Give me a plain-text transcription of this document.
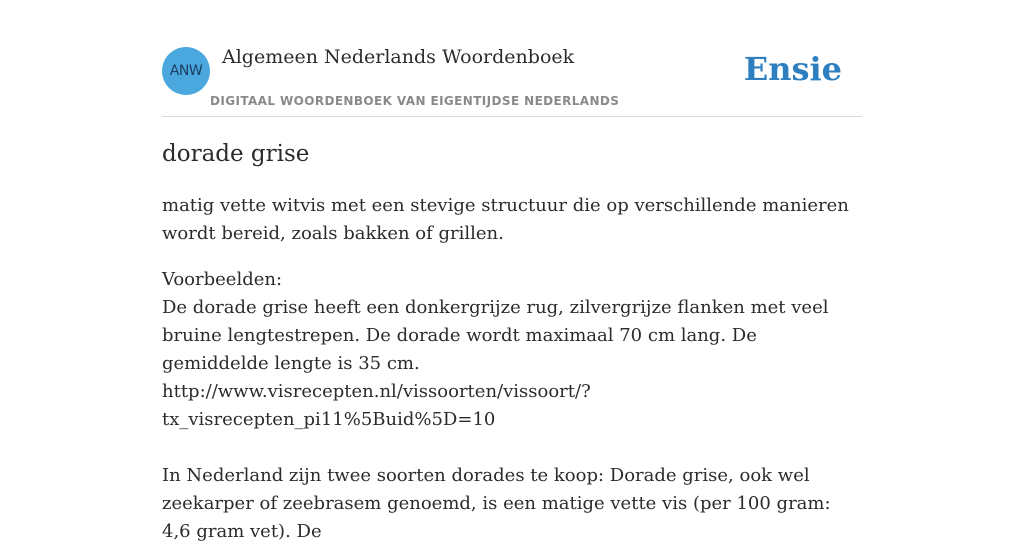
ANW
Algemeen Nederlands Woordenboek
DIGITAAL WOORDENBOEK VAN EIGENTIJDSE NEDERLANDS
Ensie
dorade grise

matig vette witvis met een stevige structuur die op verschillende manieren wordt bereid, zoals bakken of grillen.

Voorbeelden:

De dorade grise heeft een donkergrijze rug, zilvergrijze flanken met veel bruine lengtestrepen. De dorade wordt maximaal 70 cm lang. De gemiddelde lengte is 35 cm.

http://www.visrecepten.nl/vissoorten/vissoort/?
tx_visrecepten_pi11%5Buid%5D=10

In Nederland zijn twee soorten dorades te koop: Dorade grise, ook wel zeekarper of zeebrasem genoemd, is een matige vette vis (per 100 gram: 4,6 gram vet). De
